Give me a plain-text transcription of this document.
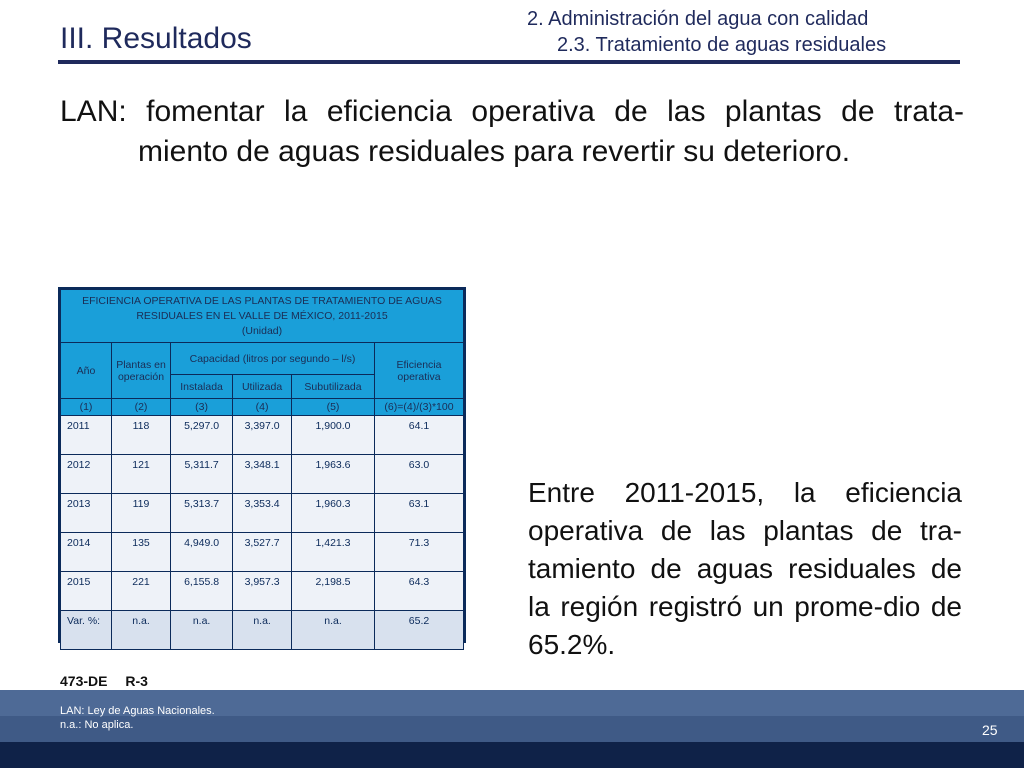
III. Resultados
2. Administración del agua con calidad
2.3. Tratamiento de aguas residuales
LAN: fomentar la eficiencia operativa de las plantas de trata-
miento de aguas residuales para revertir su deterioro.
EFICIENCIA OPERATIVA DE LAS PLANTAS DE TRATAMIENTO DE AGUAS
RESIDUALES EN EL VALLE DE MÉXICO, 2011-2015
(Unidad)					

Año	Plantas en operación	Capacidad (litros por segundo – l/s)			Eficiencia operativa
		Instalada	Utilizada	Subutilizada	
(1)	(2)	(3)	(4)	(5)	(6)=(4)/(3)*100
2011	118	5,297.0	3,397.0	1,900.0	64.1
2012	121	5,311.7	3,348.1	1,963.6	63.0
2013	119	5,313.7	3,353.4	1,960.3	63.1
2014	135	4,949.0	3,527.7	1,421.3	71.3
2015	221	6,155.8	3,957.3	2,198.5	64.3
Var. %:	n.a.	n.a.	n.a.	n.a.	65.2
Entre 2011-2015, la eficiencia operativa de las plantas de tra-tamiento de aguas residuales de la región registró un prome-dio de 65.2%.
473-DE R-3
LAN: Ley de Aguas Nacionales.
n.a.: No aplica.	25
